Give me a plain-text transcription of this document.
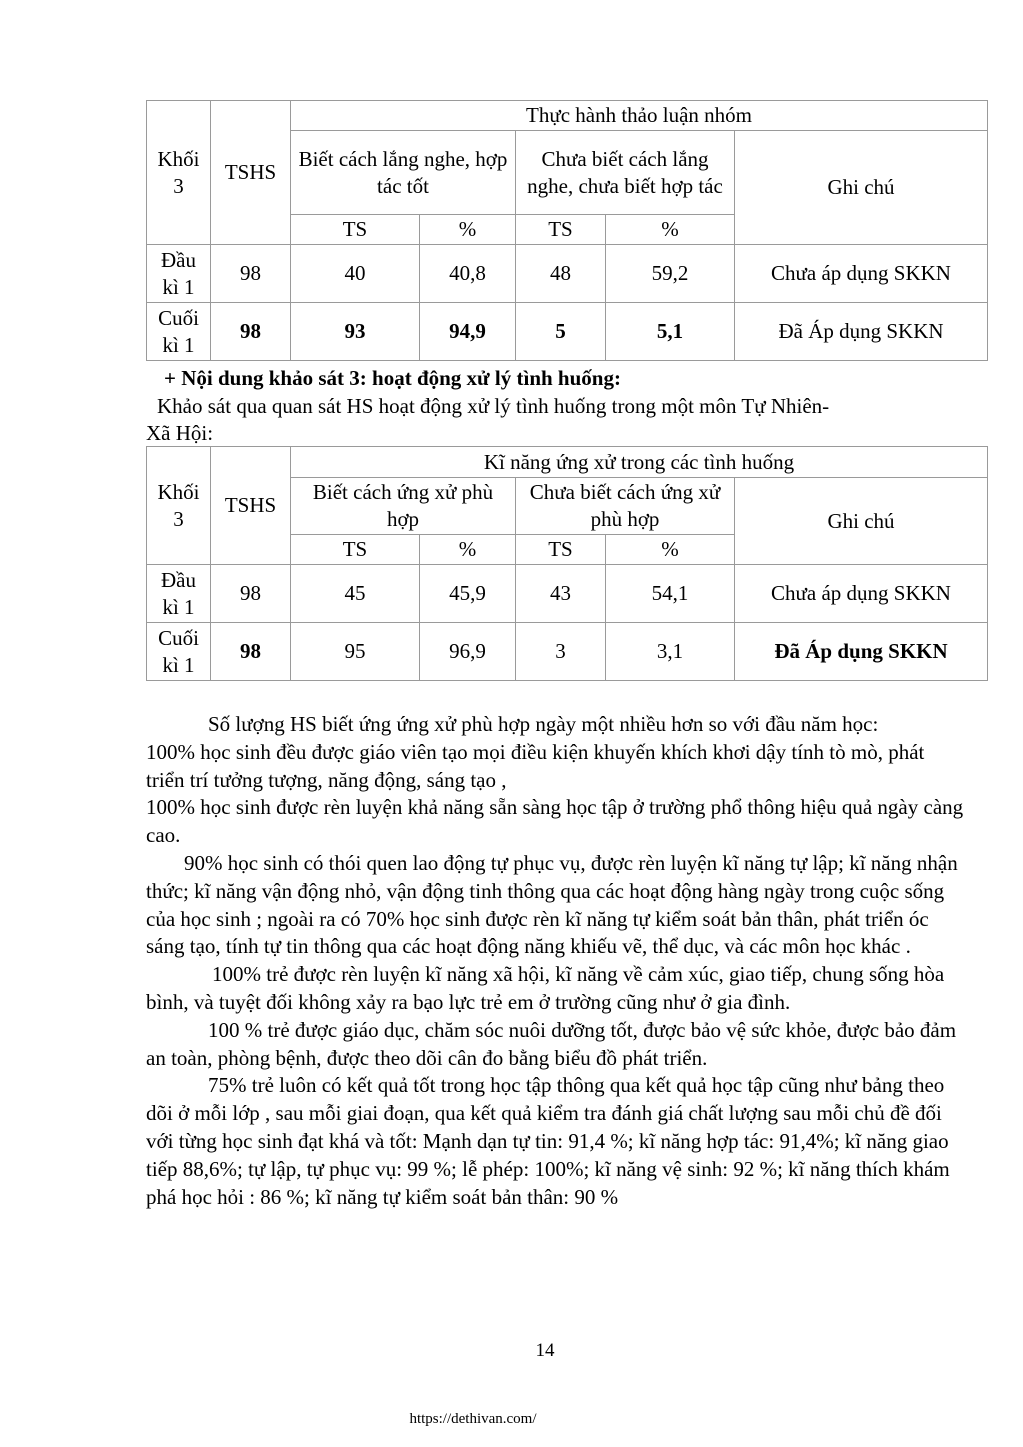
Khối 3	TSHS	Thực hành thảo luận nhóm				
		Biết cách lắng nghe, hợp tác tốt		Chưa biết cách lắng nghe, chưa biết hợp tác		Ghi chú
		TS	%	TS	%	
Đầu kì 1	98	40	40,8	48	59,2	Chưa áp dụng SKKN
Cuối kì 1	98	93	94,9	5	5,1	Đã Áp dụng SKKN
+ Nội dung khảo sát 3: hoạt động xử lý tình huống:
Khảo sát qua quan sát HS hoạt động xử lý tình huống trong một môn Tự Nhiên-
Xã Hội:
Khối 3	TSHS	Kĩ năng ứng xử trong các tình huống				
		Biết cách ứng xử phù hợp		Chưa biết cách ứng xử phù hợp		Ghi chú
		TS	%	TS	%	
Đầu kì 1	98	45	45,9	43	54,1	Chưa áp dụng SKKN
Cuối kì 1	98	95	96,9	3	3,1	Đã Áp dụng SKKN

Số lượng HS biết ứng ứng xử phù hợp ngày một nhiều hơn so với đầu năm học:

100% học sinh đều được giáo viên tạo mọi điều kiện khuyến khích khơi dậy tính tò mò, phát triển trí tưởng tượng, năng động, sáng tạo ,

100% học sinh được rèn luyện khả năng sẵn sàng học tập ở trường phổ thông hiệu quả ngày càng cao.

90% học sinh có thói quen lao động tự phục vụ, được rèn luyện kĩ năng tự lập; kĩ năng nhận thức; kĩ năng vận động nhỏ, vận động tinh thông qua các hoạt động hàng ngày trong cuộc sống của học sinh ; ngoài ra có 70% học sinh được rèn kĩ năng tự kiểm soát bản thân, phát triển óc sáng tạo, tính tự tin thông qua các hoạt động năng khiếu vẽ, thể dục, và các môn học khác .

100% trẻ được rèn luyện kĩ năng xã hội, kĩ năng về cảm xúc, giao tiếp, chung sống hòa bình, và tuyệt đối không xảy ra bạo lực trẻ em ở trường cũng như ở gia đình.

100 % trẻ được giáo dục, chăm sóc nuôi dưỡng tốt, được bảo vệ sức khỏe, được bảo đảm an toàn, phòng bệnh, được theo dõi cân đo bằng biểu đồ phát triển.

75% trẻ luôn có kết quả tốt trong học tập thông qua kết quả học tập cũng như bảng theo dõi ở mỗi lớp , sau mỗi giai đoạn, qua kết quả kiểm tra đánh giá chất lượng sau mỗi chủ đề đối với từng học sinh đạt khá và tốt: Mạnh dạn tự tin: 91,4 %; kĩ năng hợp tác: 91,4%; kĩ năng giao tiếp 88,6%; tự lập, tự phục vụ: 99 %; lễ phép: 100%; kĩ năng vệ sinh: 92 %; kĩ năng thích khám phá học hỏi : 86 %; kĩ năng tự kiểm soát bản thân: 90 %

14
https://dethivan.com/
